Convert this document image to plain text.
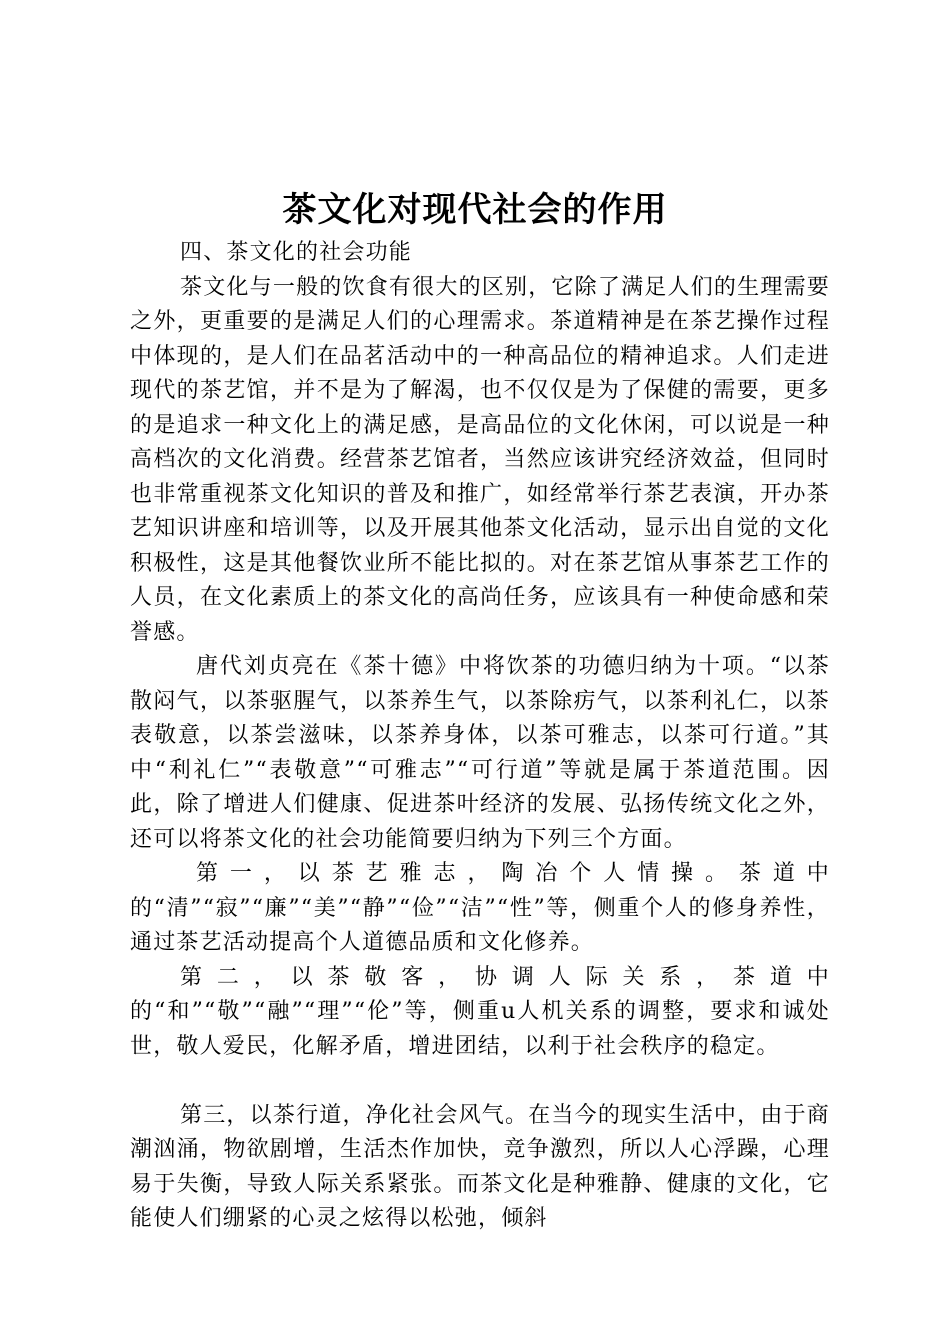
茶文化对现代社会的作用

四、茶文化的社会功能

茶文化与一般的饮食有很大的区别，它除了满足人们的生理需要之外，更重要的是满足人们的心理需求。茶道精神是在茶艺操作过程中体现的，是人们在品茗活动中的一种高品位的精神追求。人们走进现代的茶艺馆，并不是为了解渴，也不仅仅是为了保健的需要，更多的是追求一种文化上的满足感，是高品位的文化休闲，可以说是一种高档次的文化消费。经营茶艺馆者，当然应该讲究经济效益，但同时也非常重视茶文化知识的普及和推广，如经常举行茶艺表演，开办茶艺知识讲座和培训等，以及开展其他茶文化活动，显示出自觉的文化积极性，这是其他餐饮业所不能比拟的。对在茶艺馆从事茶艺工作的人员，在文化素质上的茶文化的高尚任务，应该具有一种使命感和荣誉感。

唐代刘贞亮在《茶十德》中将饮茶的功德归纳为十项。“以茶散闷气，以茶驱腥气，以茶养生气，以茶除疠气，以茶利礼仁，以茶表敬意，以茶尝滋味，以茶养身体，以茶可雅志，以茶可行道。”其中“利礼仁”“表敬意”“可雅志”“可行道”等就是属于茶道范围。因此，除了增进人们健康、促进茶叶经济的发展、弘扬传统文化之外，还可以将茶文化的社会功能简要归纳为下列三个方面。

第一，以茶艺雅志，陶冶个人情操。茶道中的“清”“寂”“廉”“美”“静”“俭”“洁”“性”等，侧重个人的修身养性，通过茶艺活动提高个人道德品质和文化修养。

第二，以茶敬客，协调人际关系，茶道中的“和”“敬”“融”“理”“伦”等，侧重u人机关系的调整，要求和诚处世，敬人爱民，化解矛盾，增进团结，以利于社会秩序的稳定。

第三，以茶行道，净化社会风气。在当今的现实生活中，由于商潮汹涌，物欲剧增，生活杰作加快，竞争激烈，所以人心浮躁，心理易于失衡，导致人际关系紧张。而茶文化是种雅静、健康的文化，它能使人们绷紧的心灵之炫得以松弛，倾斜
